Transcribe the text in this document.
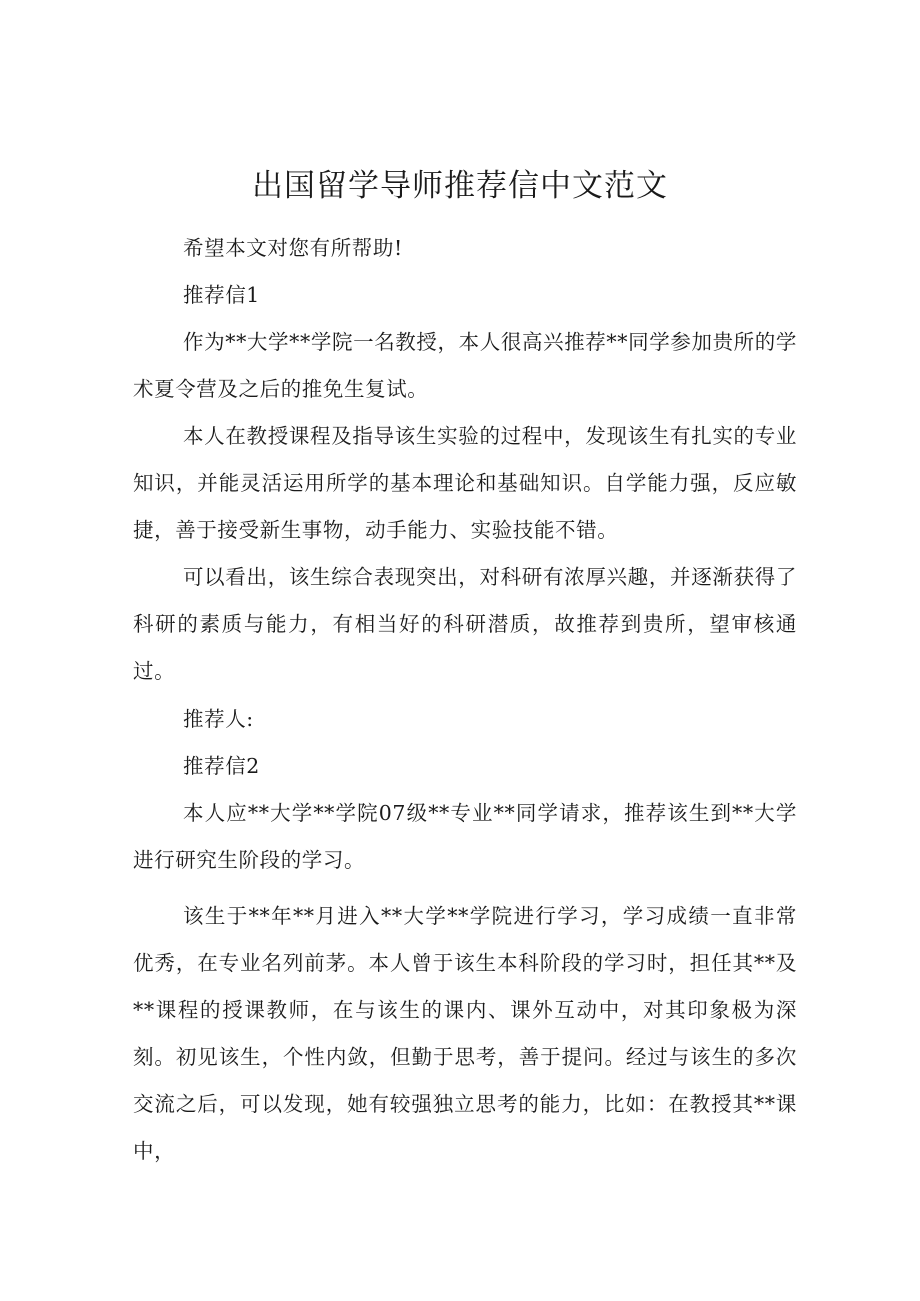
出国留学导师推荐信中文范文

希望本文对您有所帮助!

推荐信1

作为**大学**学院一名教授，本人很高兴推荐**同学参加贵所的学术夏令营及之后的推免生复试。

本人在教授课程及指导该生实验的过程中，发现该生有扎实的专业知识，并能灵活运用所学的基本理论和基础知识。自学能力强，反应敏捷，善于接受新生事物，动手能力、实验技能不错。

可以看出，该生综合表现突出，对科研有浓厚兴趣，并逐渐获得了科研的素质与能力，有相当好的科研潜质，故推荐到贵所，望审核通过。

推荐人:

推荐信2

本人应**大学**学院07级**专业**同学请求，推荐该生到**大学进行研究生阶段的学习。

该生于**年**月进入**大学**学院进行学习，学习成绩一直非常优秀，在专业名列前茅。本人曾于该生本科阶段的学习时，担任其**及**课程的授课教师，在与该生的课内、课外互动中，对其印象极为深刻。初见该生，个性内敛，但勤于思考，善于提问。经过与该生的多次交流之后，可以发现，她有较强独立思考的能力，比如：在教授其**课中，
